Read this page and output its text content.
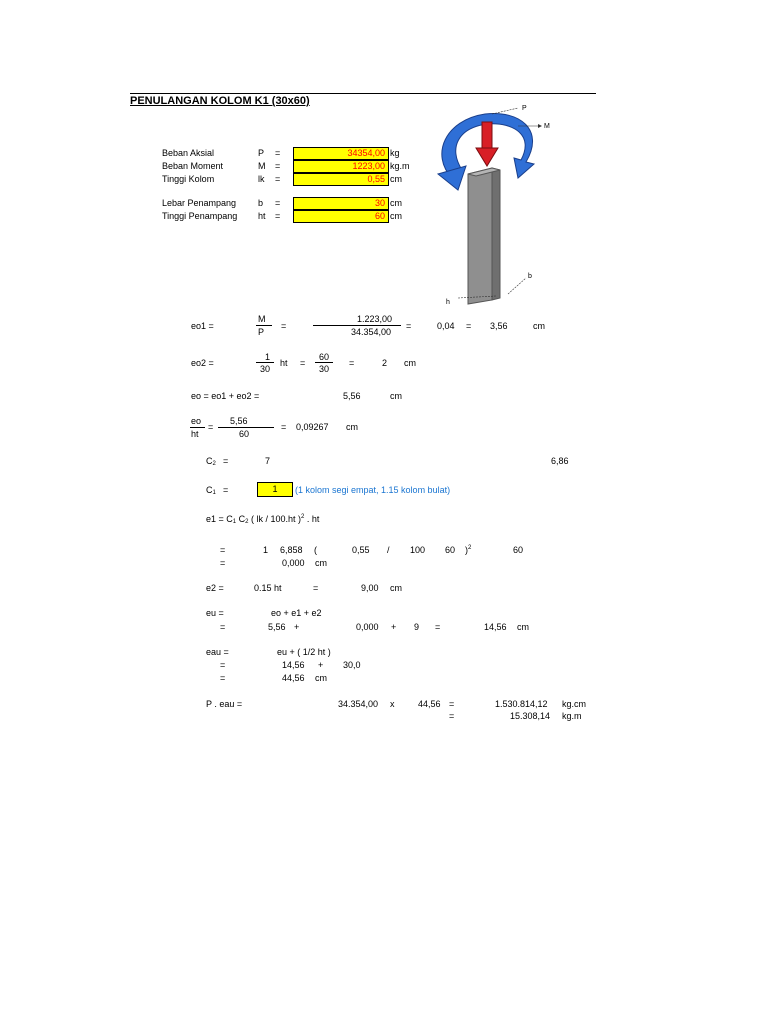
PENULANGAN KOLOM K1 (30x60)
Beban Aksial	P =	34354,00 kg
Beban Moment	M =	1223,00 kg.m
Tinggi Kolom	lk =	0,55 cm
Lebar Penampang b =	30 cm
Tinggi Penampang ht =	60 cm
P
M
h
b
eo1 =
M
P
=
1.223,00
34.354,00
=	0,04 = 3,56	cm
eo2 =
1
30
ht =
60
30
=	2 cm
eo = eo1 + eo2 =	5,56	cm
eo
ht
=
5,56
60
= 0,09267 cm
C2 =	7	6,86
C1 =	1	(1 kolom segi empat, 1.15 kolom bulat)
e1 = C1 C2 ( lk / 100.ht )$^2$ . ht
=	1 6,858 (	0,55 / 100 60 )$^2$	60
=	0,000 cm
e2 =	0.15 ht	=	9,00 cm
eu =	eo + e1 + e2
=	5,56 +	0,000 + 9 =	14,56 cm
eau =	eu + ( 1/2 ht )
=	14,56 + 30,0
=	44,56 cm
P . eau =	34.354,00 x	44,56 =	1.530.814,12 kg.cm
=	15.308,14 kg.m
